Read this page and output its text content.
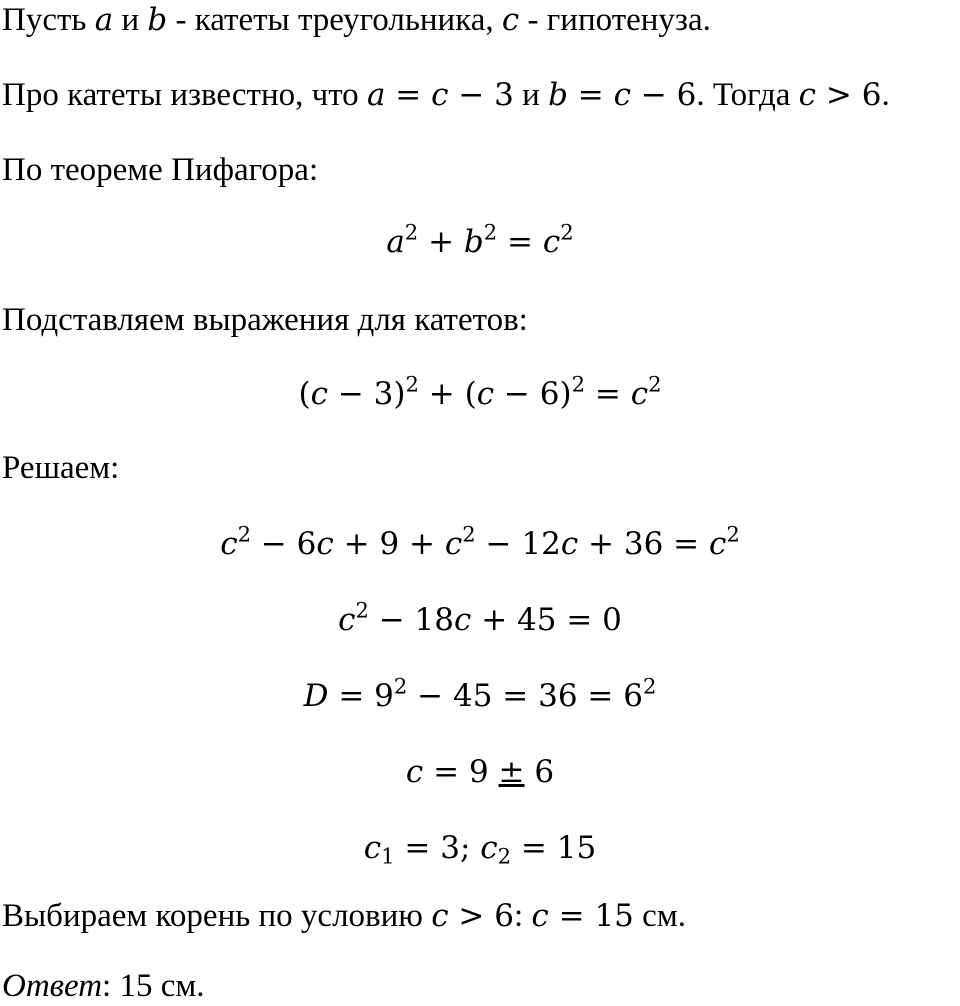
Пусть a и b - катеты треугольника, c - гипотенуза.
Про катеты известно, что a = c − 3 и b = c − 6. Тогда c > 6.
По теореме Пифагора:
$a^2 + b^2 = c^2$
Подставляем выражения для катетов:
$(c - 3)^2 + (c - 6)^2 = c^2$
Решаем:
$c^2 - 6c + 9 + c^2 - 12c + 36 = c^2$
$c^2 - 18c + 45 = 0$
$D = 9^2 - 45 = 36 = 6^2$
c = 9 ± 6
$c_1 = 3$; $c_2 = 15$
Выбираем корень по условию c > 6: c = 15 см.
Ответ: 15 см.
